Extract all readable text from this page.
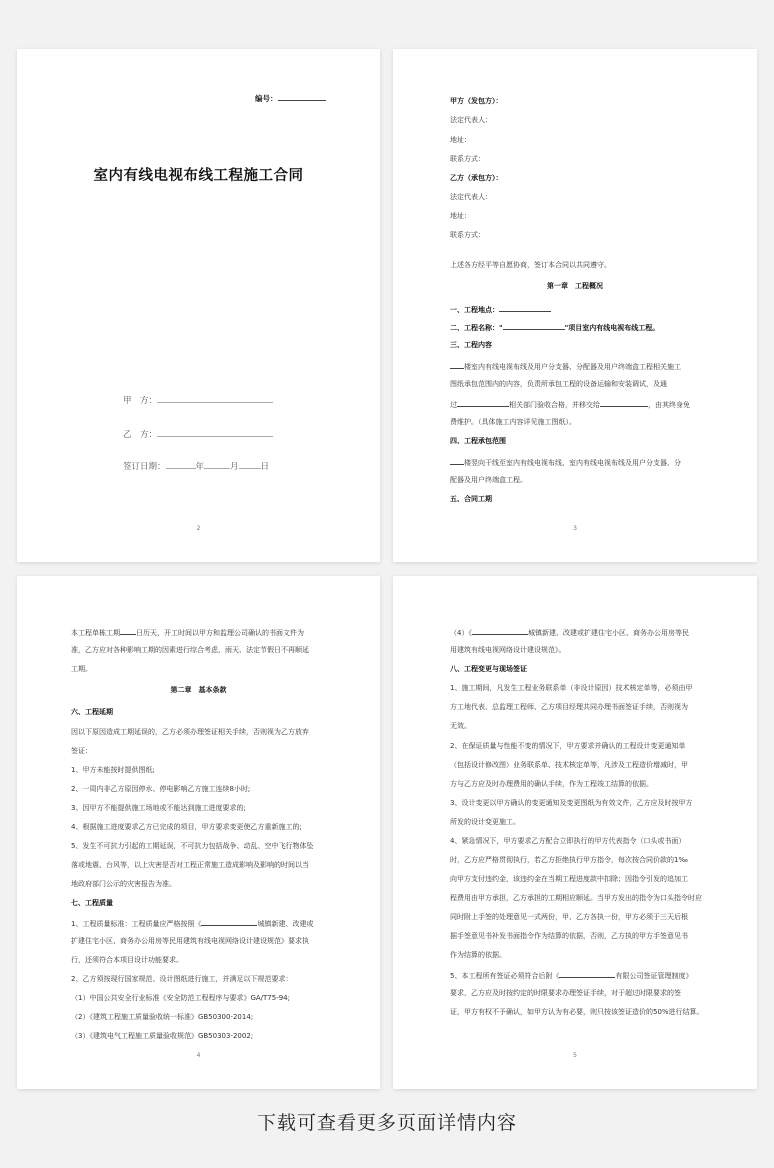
编号：
室内有线电视布线工程施工合同
甲　方：
乙　方：
签订日期：	年	月	日
2
甲方（发包方）：
法定代表人：
地址：
联系方式：
乙方（承包方）：
法定代表人：
地址：
联系方式：
上述各方经平等自愿协商，签订本合同以共同遵守。
第一章　工程概况
一、工程地点：
二、工程名称："	"项目室内有线电视布线工程。
三、工程内容
楼室内有线电视布线及用户分支器、分配器及用户终端盒工程相关施工
图纸承包范围内的内容，负责所承包工程的设备运输和安装调试，及通
过	相关部门验收合格，并移交给	，由其终身免
费维护。（具体施工内容详见施工图纸）。
四、工程承包范围
楼竖向干线至室内有线电视布线、室内有线电视布线及用户分支器、分
配器及用户终端盒工程。
五、合同工期
3
本工程单栋工期 日历天，开工时间以甲方和监理公司确认的书面文件为
准，乙方应对各种影响工期的因素进行综合考虑，雨天、法定节假日不再顺延
工期。
第二章　基本条款
六、工程延期
因以下原因造成工期延误的，乙方必须办理签证相关手续，否则视为乙方放弃
签证：
1、甲方未能按时提供图纸;
2、一周内非乙方原因停水、停电影响乙方施工连续8小时;
3、因甲方不能提供施工场地或不能达到施工进度要求的;
4、根据施工进度要求乙方已完成的项目，甲方要求变更使乙方重新施工的;
5、发生不可抗力引起的工期延误，不可抗力包括战争、动乱、空中飞行物体坠
落或地震、台风等，以上灾害是否对工程正常施工造成影响及影响的时间以当
地政府部门公示的灾害报告为准。
七、工程质量
1、工程质量标准：工程质量应严格按照《	城镇新建、改建或
扩建住宅小区、商务办公用房等民用建筑有线电视网络设计建设规范》要求执
行，还须符合本项目设计功能要求。
2、乙方须按现行国家规范、设计图纸进行施工，并满足以下规范要求：
（1）中国公共安全行业标准《安全防范工程程序与要求》GA/T75-94;
（2）《建筑工程施工质量验收统一标准》GB50300-2014;
（3）《建筑电气工程施工质量验收规范》GB50303-2002;
4
（4）《	城镇新建、改建或扩建住宅小区、商务办公用房等民
用建筑有线电视网络设计建设规范》。
八、工程变更与现场签证
1、施工期间，凡发生工程业务联系单（非设计原因）技术核定单等，必须由甲
方工地代表、总监理工程师、乙方项目经理共同办理书面签证手续，否则视为
无效。
2、在保证质量与性能不变的情况下，甲方要求并确认的工程设计变更通知单
（包括设计修改图）业务联系单、技术核定单等，凡涉及工程造价增减时，甲
方与乙方应及时办理费用的确认手续，作为工程竣工结算的依据。
3、设计变更以甲方确认的变更通知及变更图纸为有效文件，乙方应及时按甲方
所发的设计变更施工。
4、紧急情况下，甲方要求乙方配合立即执行的甲方代表指令（口头或书面）
时，乙方应严格贯彻执行，若乙方拒绝执行甲方指令，每次按合同价款的1‰
向甲方支付违约金，该违约金在当期工程进度款中扣除；因指令引发的追加工
程费用由甲方承担，乙方承担的工期相应顺延。当甲方发出的指令为口头指令时应
同时附上手签的处理意见一式两份，甲、乙方各执一份，甲方必须于三天后根
据手签意见书补发书面指令作为结算的依据，否则，乙方执的甲方手签意见书
作为结算的依据。
5、本工程所有签证必须符合后附《	有限公司签证管理制度》
要求，乙方应及时按约定的时限要求办理签证手续，对于超过时限要求的签
证，甲方有权不予确认，如甲方认为有必要，则只按该签证造价的50%进行结算。
5
下载可查看更多页面详情内容
